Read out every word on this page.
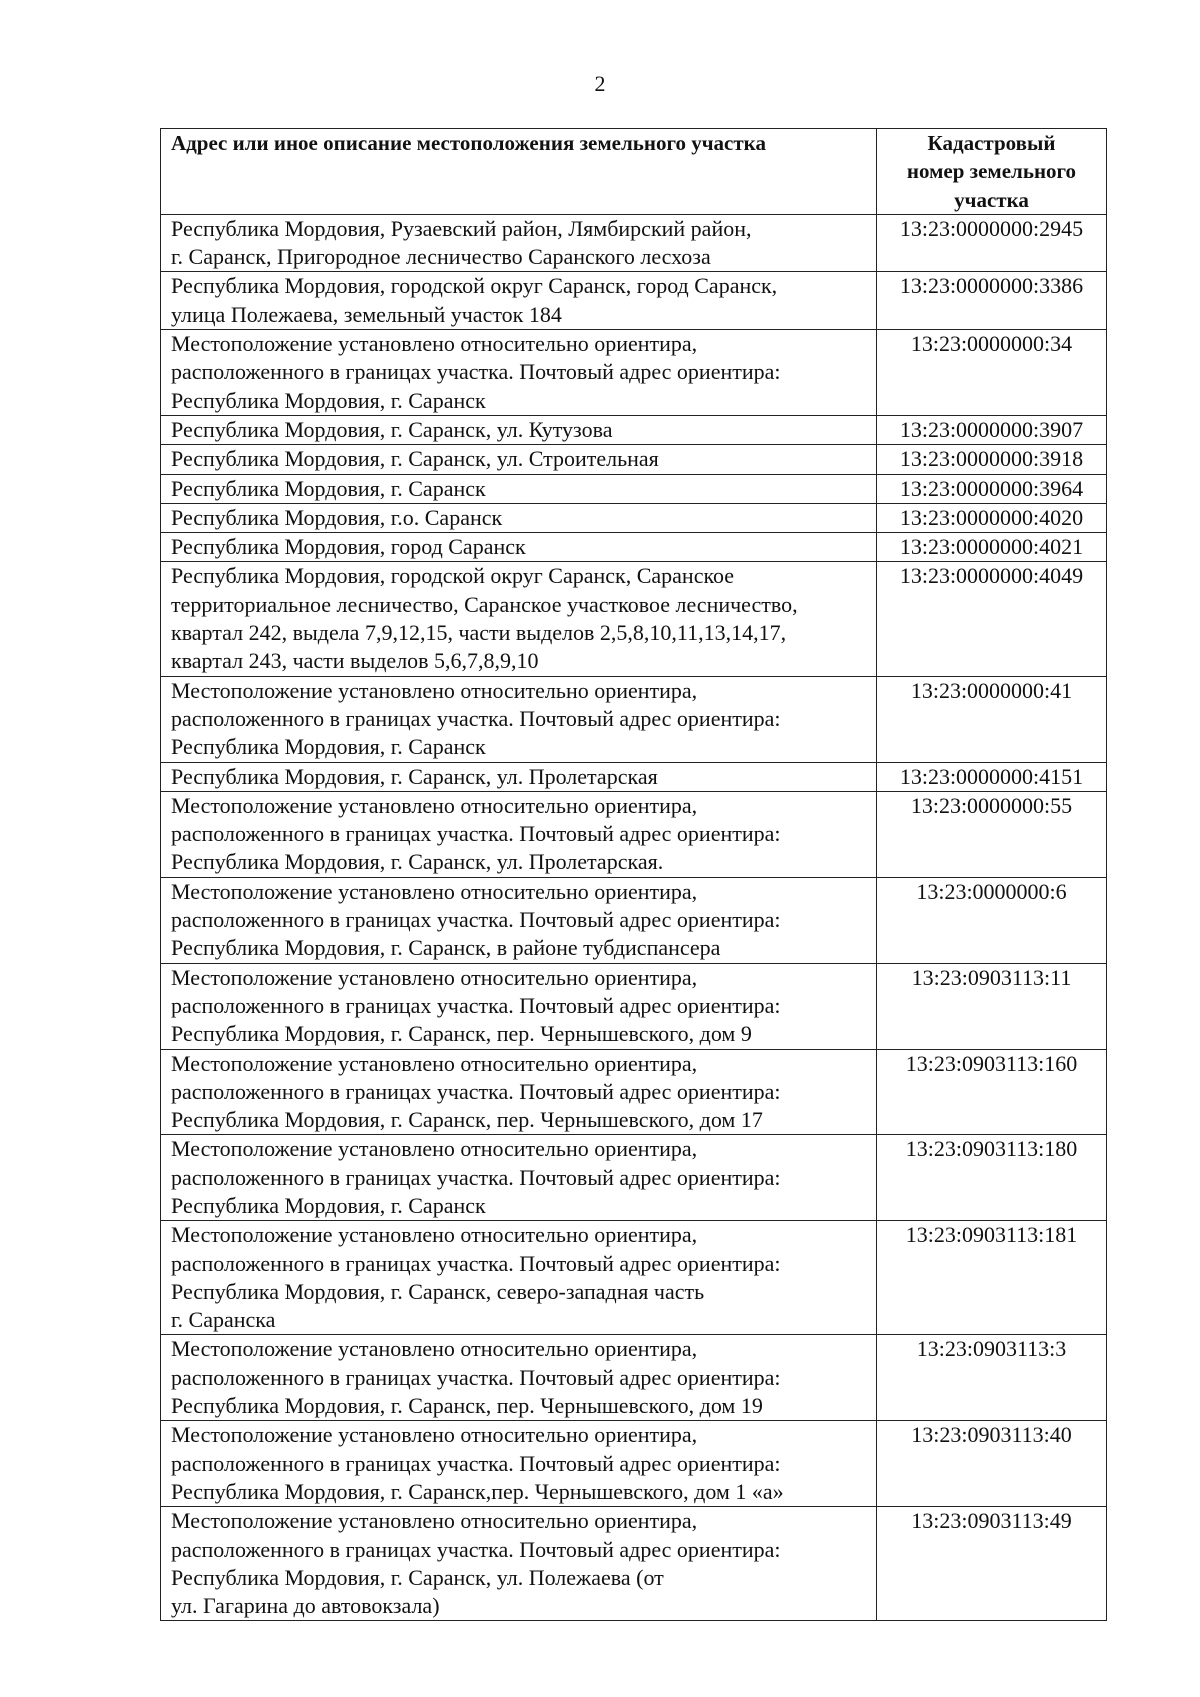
2
Адрес или иное описание местоположения земельного участка	Кадастровый
номер земельного
участка

Республика Мордовия, Рузаевский район, Лямбирский район,
г. Саранск, Пригородное лесничество Саранского лесхоза	13:23:0000000:2945

Республика Мордовия, городской округ Саранск, город Саранск,
улица Полежаева, земельный участок 184	13:23:0000000:3386

Местоположение установлено относительно ориентира,
расположенного в границах участка. Почтовый адрес ориентира:
Республика Мордовия, г. Саранск	13:23:0000000:34

Республика Мордовия, г. Саранск, ул. Кутузова	13:23:0000000:3907

Республика Мордовия, г. Саранск, ул. Строительная	13:23:0000000:3918

Республика Мордовия, г. Саранск	13:23:0000000:3964

Республика Мордовия, г.о. Саранск	13:23:0000000:4020

Республика Мордовия, город Саранск	13:23:0000000:4021

Республика Мордовия, городской округ Саранск, Саранское
территориальное лесничество, Саранское участковое лесничество,
квартал 242, выдела 7,9,12,15, части выделов 2,5,8,10,11,13,14,17,
квартал 243, части выделов 5,6,7,8,9,10	13:23:0000000:4049

Местоположение установлено относительно ориентира,
расположенного в границах участка. Почтовый адрес ориентира:
Республика Мордовия, г. Саранск	13:23:0000000:41

Республика Мордовия, г. Саранск, ул. Пролетарская	13:23:0000000:4151

Местоположение установлено относительно ориентира,
расположенного в границах участка. Почтовый адрес ориентира:
Республика Мордовия, г. Саранск, ул. Пролетарская.	13:23:0000000:55

Местоположение установлено относительно ориентира,
расположенного в границах участка. Почтовый адрес ориентира:
Республика Мордовия, г. Саранск, в районе тубдиспансера	13:23:0000000:6

Местоположение установлено относительно ориентира,
расположенного в границах участка. Почтовый адрес ориентира:
Республика Мордовия, г. Саранск, пер. Чернышевского, дом 9	13:23:0903113:11

Местоположение установлено относительно ориентира,
расположенного в границах участка. Почтовый адрес ориентира:
Республика Мордовия, г. Саранск, пер. Чернышевского, дом 17	13:23:0903113:160

Местоположение установлено относительно ориентира,
расположенного в границах участка. Почтовый адрес ориентира:
Республика Мордовия, г. Саранск	13:23:0903113:180

Местоположение установлено относительно ориентира,
расположенного в границах участка. Почтовый адрес ориентира:
Республика Мордовия, г. Саранск, северо-западная часть
г. Саранска	13:23:0903113:181

Местоположение установлено относительно ориентира,
расположенного в границах участка. Почтовый адрес ориентира:
Республика Мордовия, г. Саранск, пер. Чернышевского, дом 19	13:23:0903113:3

Местоположение установлено относительно ориентира,
расположенного в границах участка. Почтовый адрес ориентира:
Республика Мордовия, г. Саранск,пер. Чернышевского, дом 1 «а»	13:23:0903113:40

Местоположение установлено относительно ориентира,
расположенного в границах участка. Почтовый адрес ориентира:
Республика Мордовия, г. Саранск, ул. Полежаева (от
ул. Гагарина до автовокзала)	13:23:0903113:49
